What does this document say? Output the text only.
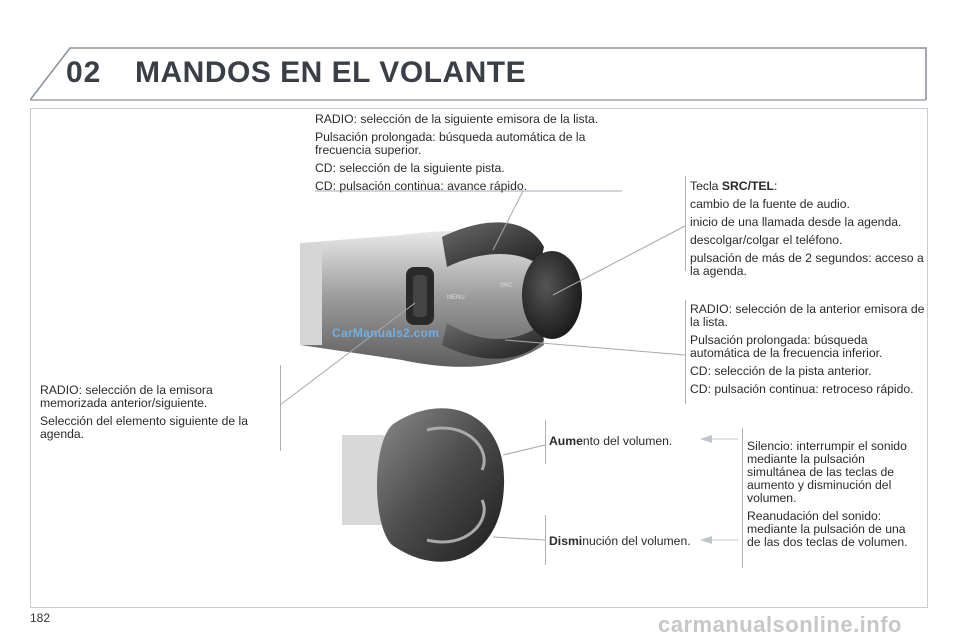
02 MANDOS EN EL VOLANTE
MENU
SRC
CarManuals2.com

RADIO: selección de la siguiente emisora de la lista.

Pulsación prolongada: búsqueda automática de la frecuencia superior.

CD: selección de la siguiente pista.

CD: pulsación continua: avance rápido.	Tecla SRC/TEL:

cambio de la fuente de audio.

inicio de una llamada desde la agenda.

descolgar/colgar el teléfono.

pulsación de más de 2 segundos: acceso a la agenda.

RADIO: selección de la anterior emisora de la lista.

Pulsación prolongada: búsqueda automática de la frecuencia inferior.

CD: selección de la pista anterior.

CD: pulsación continua: retroceso rápido.

RADIO: selección de la emisora memorizada anterior/siguiente.

Selección del elemento siguiente de la agenda.	Aumento del volumen.
Disminución del volumen.

Silencio: interrumpir el sonido mediante la pulsación simultánea de las teclas de aumento y disminución del volumen.

Reanudación del sonido: mediante la pulsación de una de las dos teclas de volumen.

182	carmanualsonline.info
